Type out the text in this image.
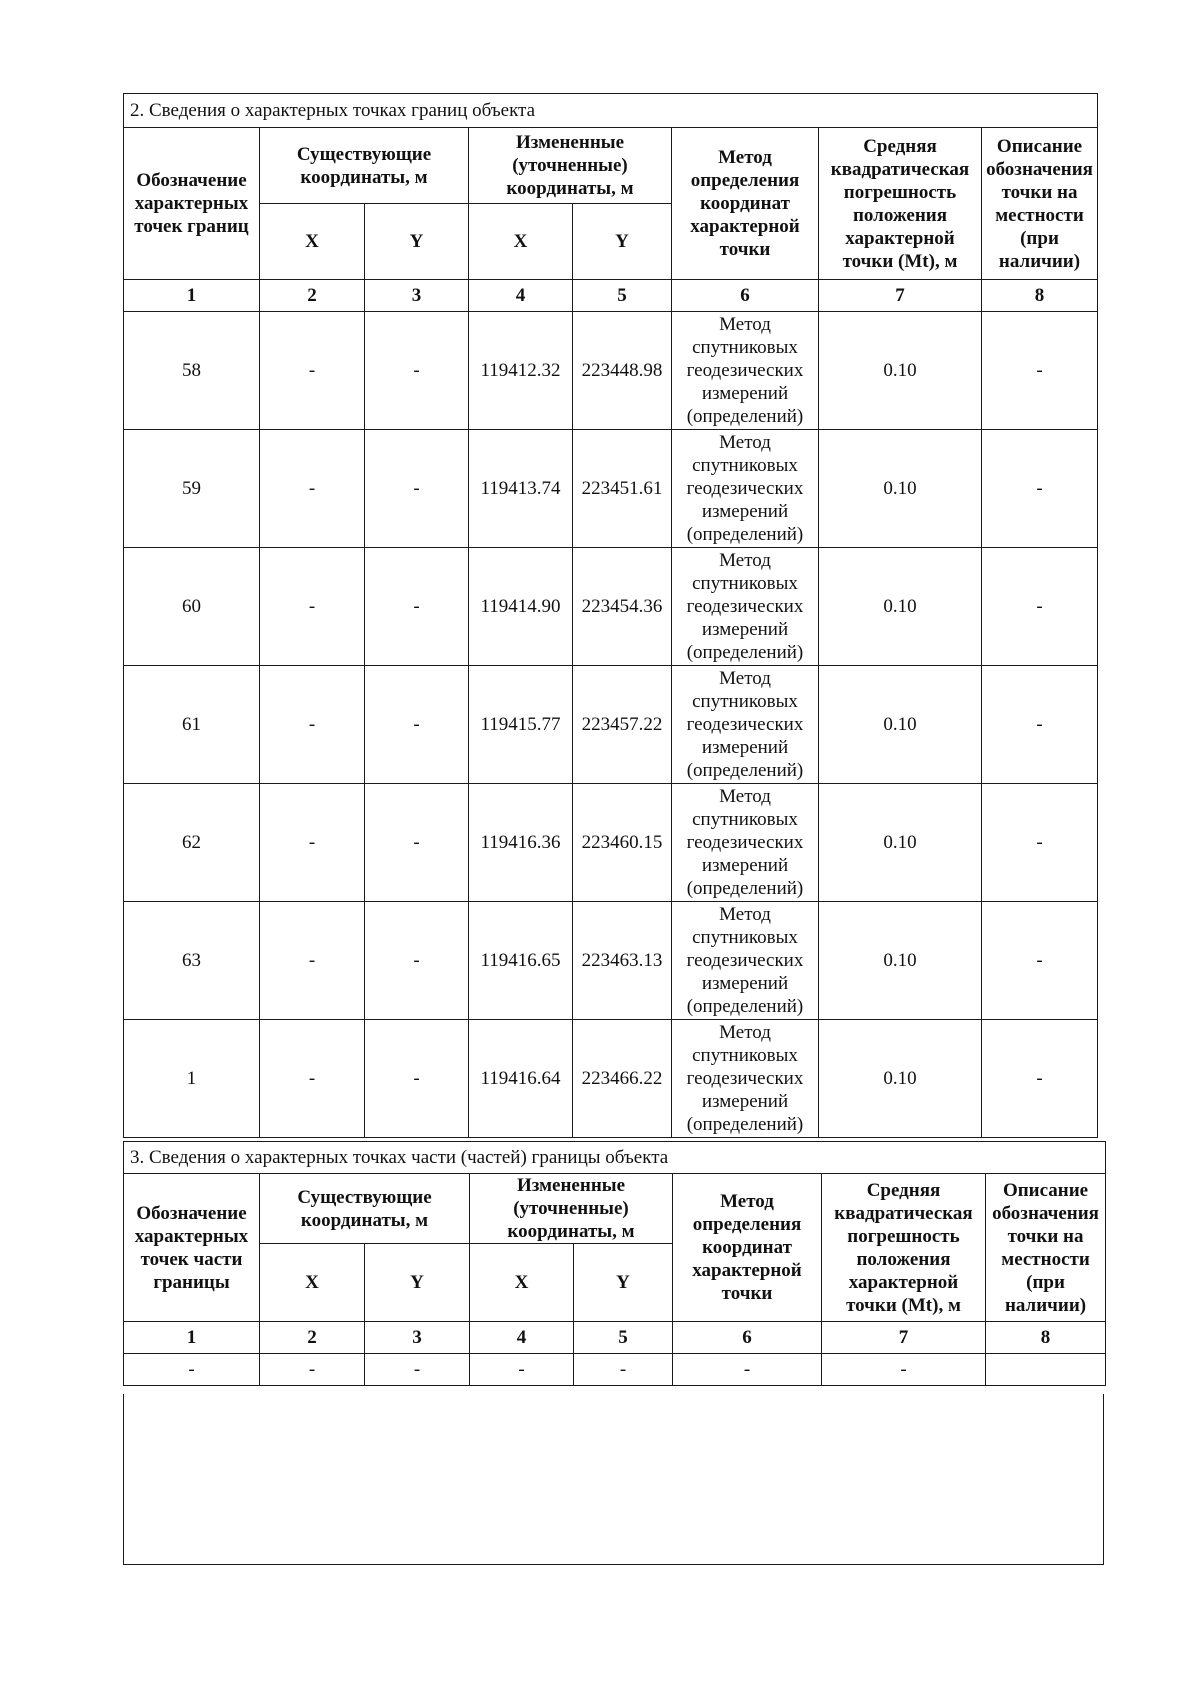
2. Сведения о характерных точках границ объекта							
Обозначение характерных точек границ	Существующие координаты, м		Измененные (уточненные) координаты, м		Метод определения координат характерной точки	Средняя квадратическая погрешность положения характерной точки (Mt), м	Описание обозначения точки на местности (при наличии)
	X	Y	X	Y			
1	2	3	4	5	6	7	8
58	-	-	119412.32	223448.98	Метод спутниковых геодезических измерений (определений)	0.10	-
59	-	-	119413.74	223451.61	Метод спутниковых геодезических измерений (определений)	0.10	-
60	-	-	119414.90	223454.36	Метод спутниковых геодезических измерений (определений)	0.10	-
61	-	-	119415.77	223457.22	Метод спутниковых геодезических измерений (определений)	0.10	-
62	-	-	119416.36	223460.15	Метод спутниковых геодезических измерений (определений)	0.10	-
63	-	-	119416.65	223463.13	Метод спутниковых геодезических измерений (определений)	0.10	-
1	-	-	119416.64	223466.22	Метод спутниковых геодезических измерений (определений)	0.10	-
3. Сведения о характерных точках части (частей) границы объекта							
Обозначение характерных точек части границы	Существующие координаты, м		Измененные (уточненные) координаты, м		Метод определения координат характерной точки	Средняя квадратическая погрешность положения характерной точки (Mt), м	Описание обозначения точки на местности (при наличии)
	X	Y	X	Y			
1	2	3	4	5	6	7	8
-	-	-	-	-	-	-	
